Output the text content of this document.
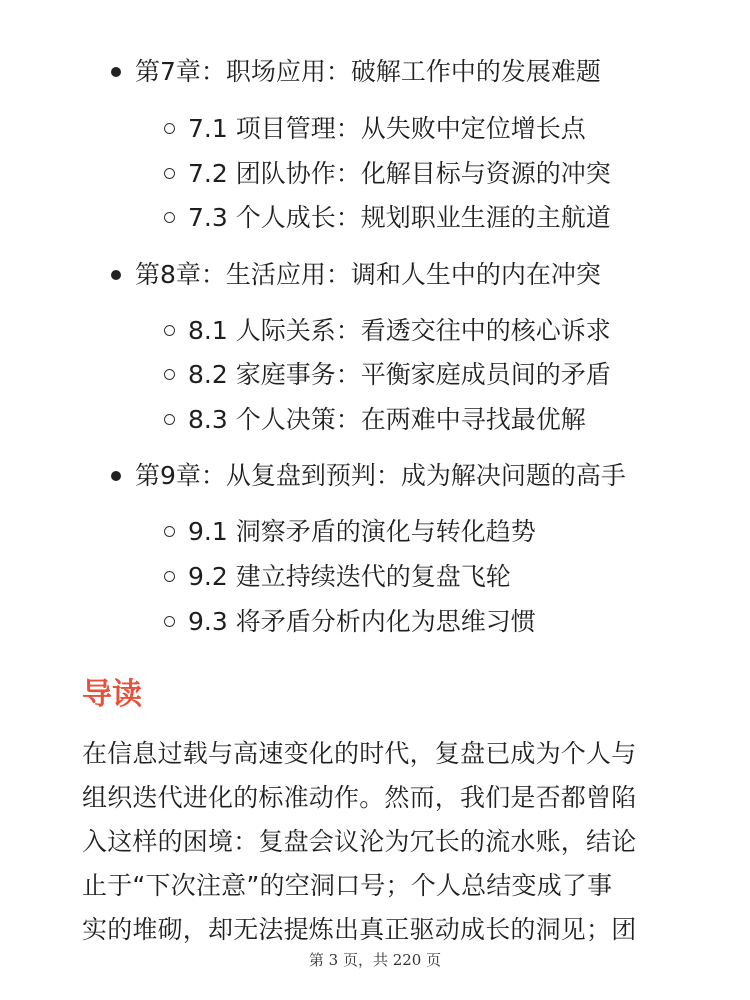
第7章：职场应用：破解工作中的发展难题
7.1 项目管理：从失败中定位增长点
7.2 团队协作：化解目标与资源的冲突
7.3 个人成长：规划职业生涯的主航道
第8章：生活应用：调和人生中的内在冲突
8.1 人际关系：看透交往中的核心诉求
8.2 家庭事务：平衡家庭成员间的矛盾
8.3 个人决策：在两难中寻找最优解
第9章：从复盘到预判：成为解决问题的高手
9.1 洞察矛盾的演化与转化趋势
9.2 建立持续迭代的复盘飞轮
9.3 将矛盾分析内化为思维习惯
导读
在信息过载与高速变化的时代，复盘已成为个人与
组织迭代进化的标准动作。然而，我们是否都曾陷
入这样的困境：复盘会议沦为冗长的流水账，结论
止于“下次注意”的空洞口号；个人总结变成了事
实的堆砌，却无法提炼出真正驱动成长的洞见；团
第 3 页，共 220 页
